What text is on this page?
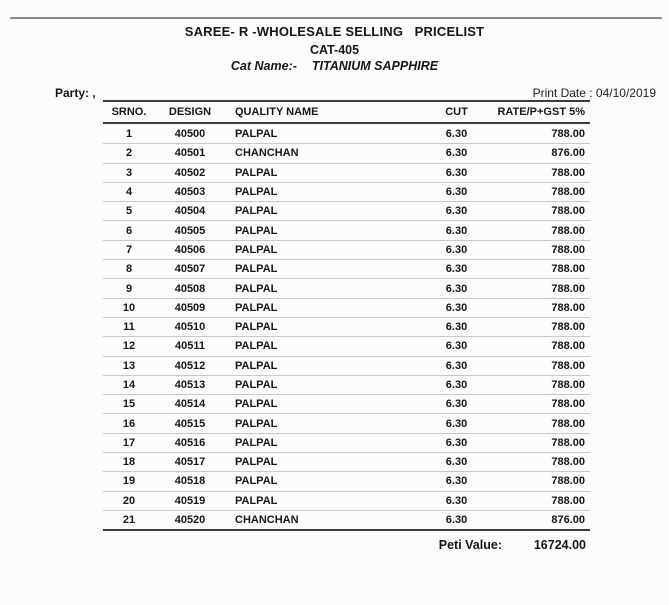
SAREE- R -WHOLESALE SELLING   PRICELIST
CAT-405
Cat Name:- TITANIUM SAPPHIRE
Party: ,	Print Date : 04/10/2019
SRNO.	DESIGN	QUALITY NAME	CUT	RATE/P+GST 5%
1	40500	PALPAL	6.30	788.00
2	40501	CHANCHAN	6.30	876.00
3	40502	PALPAL	6.30	788.00
4	40503	PALPAL	6.30	788.00
5	40504	PALPAL	6.30	788.00
6	40505	PALPAL	6.30	788.00
7	40506	PALPAL	6.30	788.00
8	40507	PALPAL	6.30	788.00
9	40508	PALPAL	6.30	788.00
10	40509	PALPAL	6.30	788.00
11	40510	PALPAL	6.30	788.00
12	40511	PALPAL	6.30	788.00
13	40512	PALPAL	6.30	788.00
14	40513	PALPAL	6.30	788.00
15	40514	PALPAL	6.30	788.00
16	40515	PALPAL	6.30	788.00
17	40516	PALPAL	6.30	788.00
18	40517	PALPAL	6.30	788.00
19	40518	PALPAL	6.30	788.00
20	40519	PALPAL	6.30	788.00
21	40520	CHANCHAN	6.30	876.00
Peti Value:	16724.00
